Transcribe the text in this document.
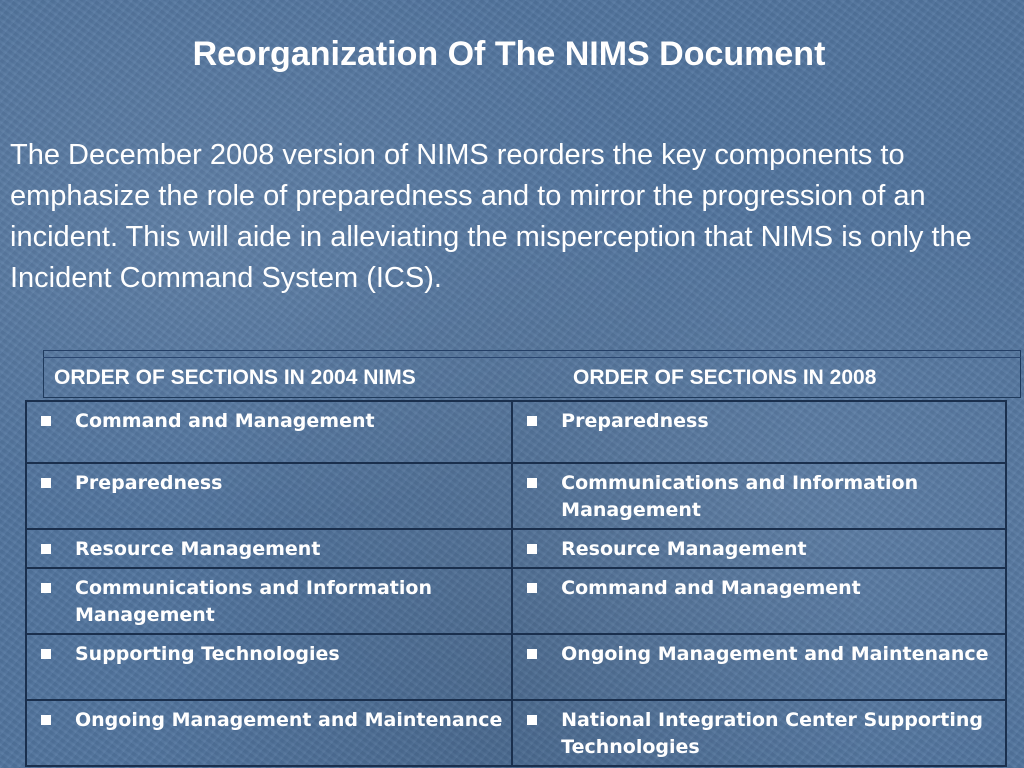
Reorganization Of The NIMS Document

The December 2008 version of NIMS reorders the key components to emphasize the role of preparedness and to mirror the progression of an incident. This will aide in alleviating the misperception that NIMS is only the Incident Command System (ICS).

ORDER OF SECTIONS IN 2004 NIMS	ORDER OF SECTIONS IN 2008
Command and Management	Preparedness

Preparedness	Communications and Information Management

Resource Management	Resource Management

Communications and Information Management	Command and Management

Supporting Technologies	Ongoing Management and Maintenance

Ongoing Management and Maintenance	National Integration Center Supporting Technologies
